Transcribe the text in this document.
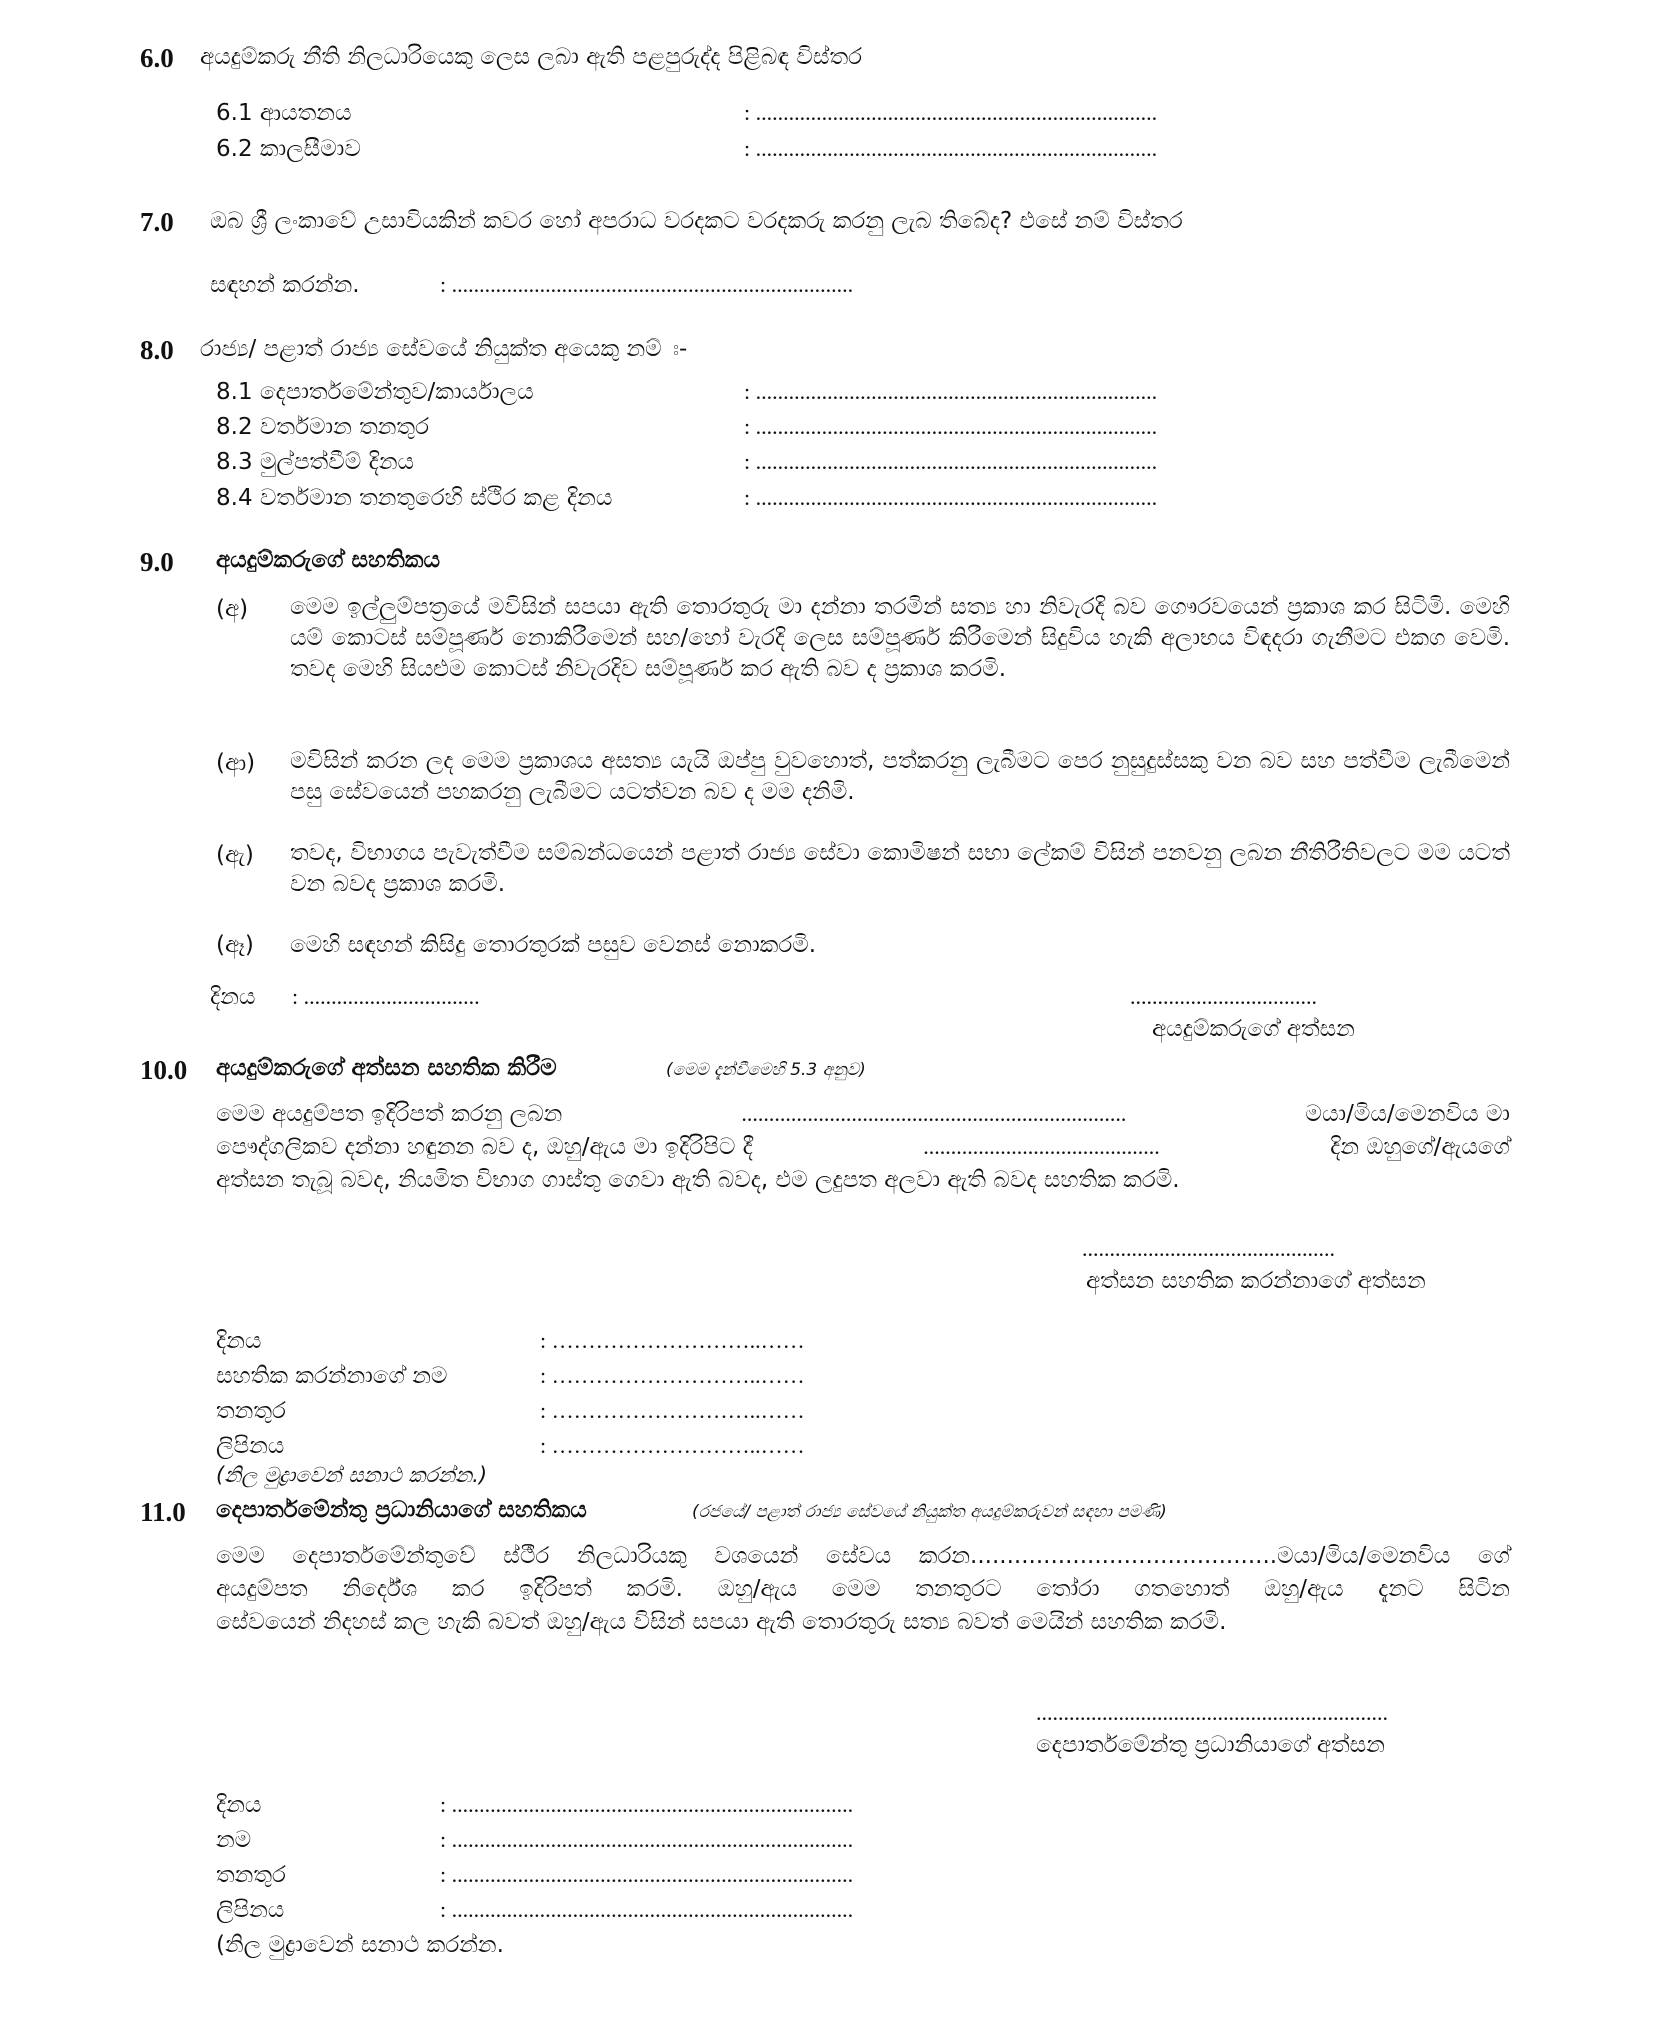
6.0 අයදුම්කරු නීති නිලධාරියෙකු ලෙස ලබා ඇති පළපුරුද්ද පිළිබඳ විස්තර
6.1 ආයතනය	: .........................................................................
6.2 කාලසීමාව	: .........................................................................
7.0 ඔබ ශ්‍රී ලංකාවේ උසාවියකින් කවර හෝ අපරාධ වරදකට වරදකරු කරනු ලැබ තිබේද? එසේ නම් විස්තර
සඳහන් කරන්න.	: .........................................................................
8.0 රාජ්‍ය/ පළාත් රාජ්‍ය සේවයේ නියුක්ත අයෙකු නම් ඃ-
8.1 දෙපාර්තමේන්තුව/කාර්යාලය	: .........................................................................
8.2 වර්තමාන තනතුර	: .........................................................................
8.3 මුල්පත්වීම් දිනය	: .........................................................................
8.4 වර්තමාන තනතුරෙහි ස්ථිර කළ දිනය	: .........................................................................
9.0 අයදුම්කරුගේ සහතිකය
(අ) මෙම ඉල්ලුම්පත්‍රයේ මවිසින් සපයා ඇති තොරතුරු මා දන්නා තරමින් සත්‍ය හා නිවැරදි බව ගෞරවයෙන් ප්‍රකාශ කර සිටිමි. මෙහි යම් කොටස් සම්පූර්ණ නොකිරීමෙන් සහ/හෝ වැරදි ලෙස සම්පූර්ණ කිරීමෙන් සිදුවිය හැකි අලාභය විඳදරා ගැනීමට එකග වෙමි. තවද මෙහි සියළුම කොටස් නිවැරදිව සම්පූර්ණ කර ඇති බව ද ප්‍රකාශ කරමි.
(ආ) මවිසින් කරන ලද මෙම ප්‍රකාශය අසත්‍ය යැයි ඔප්පු වුවහොත්, පත්කරනු ලැබීමට පෙර නුසුදුස්සකු වන බව සහ පත්වීම ලැබීමෙන් පසු සේවයෙන් පහකරනු ලැබීමට යටත්වන බව ද මම දනිමි.
(ඇ) තවද, විභාගය පැවැත්වීම සම්බන්ධයෙන් පළාත් රාජ්‍ය සේවා කොමිෂන් සභා ලේකම් විසින් පනවනු ලබන නීතිරීතිවලට මම යටත් වන බවද ප්‍රකාශ කරමි.
(ඈ) මෙහි සඳහන් කිසිදු තොරතුරක් පසුව වෙනස් නොකරමි.
දිනය : ................................	..................................
අයදුම්කරුගේ අත්සන
10.0 අයදුම්කරුගේ අත්සන සහතික කිරීම	(මෙම දැන්වීමෙහි 5.3 අනුව)
මෙම අයදුම්පත ඉදිරිපත් කරනු ලබන	......................................................................	මයා/මිය/මෙනවිය මා
පෞද්ගලිකව දන්නා හඳුනන බව ද, ඔහු/ඇය මා ඉදිරිපිට දී	...........................................	දින ඔහුගේ/ඇයගේ
අත්සන තැබූ බවද, නියමිත විභාග ගාස්තු ගෙවා ඇති බවද, එම ලදුපත අලවා ඇති බවද සහතික කරමි.
..............................................
අත්සන සහතික කරන්නාගේ අත්සන
දිනය	: ………………………..……
සහතික කරන්නාගේ නම	: ………………………..……
තනතුර	: ………………………..……
ලිපිනය	: ………………………..……
(නිල මුද්‍රාවෙන් සනාථ කරන්න.)
11.0 දෙපාර්තමේන්තු ප්‍රධානියාගේ සහතිකය	(රජයේ/ පළාත් රාජ්‍ය සේවයේ නියුක්ත අයදුම්කරුවන් සඳහා පමණි)
මෙම දෙපාර්තමේන්තුවේ ස්ථීර නිලධාරියකු වශයෙන් සේවය කරන..........................................මයා/මිය/මෙනවිය ගේ
අයදුම්පත නිර්දේශ කර ඉදිරිපත් කරමි. ඔහු/ඇය මෙම තනතුරට තෝරා ගතහොත් ඔහු/ඇය දැනට සිටින
සේවයෙන් නිදහස් කල හැකි බවත් ඔහු/ඇය විසින් සපයා ඇති තොරතුරු සත්‍ය බවත් මෙයින් සහතික කරමි.
................................................................
දෙපාර්තමේන්තු ප්‍රධානියාගේ අත්සන
දිනය	: .........................................................................
නම	: .........................................................................
තනතුර	: .........................................................................
ලිපිනය	: .........................................................................
(නිල මුද්‍රාවෙන් සනාථ කරන්න.
